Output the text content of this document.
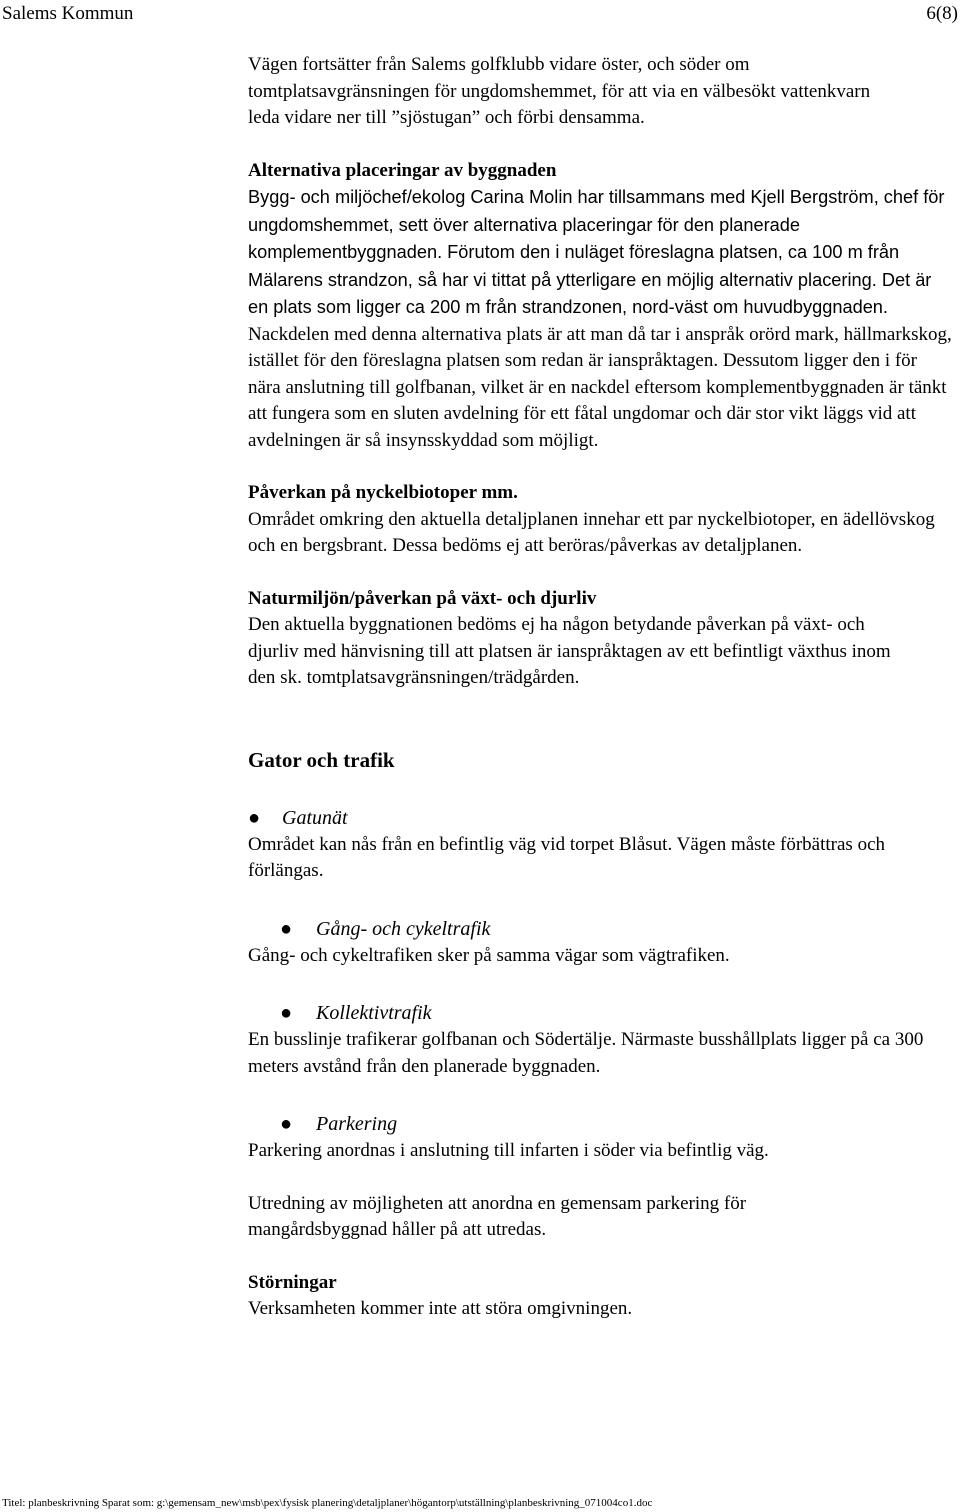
Salems Kommun	6(8)

Vägen fortsätter från Salems golfklubb vidare öster, och söder om tomtplatsavgränsningen för ungdomshemmet, för att via en välbesökt vattenkvarn leda vidare ner till ”sjöstugan” och förbi densamma.

Alternativa placeringar av byggnaden

Bygg- och miljöchef/ekolog Carina Molin har tillsammans med Kjell Bergström, chef för ungdomshemmet, sett över alternativa placeringar för den planerade komplementbyggnaden. Förutom den i nuläget föreslagna platsen, ca 100 m från Mälarens strandzon, så har vi tittat på ytterligare en möjlig alternativ placering. Det är en plats som ligger ca 200 m från strandzonen, nord-väst om huvudbyggnaden. Nackdelen med denna alternativa plats är att man då tar i anspråk orörd mark, hällmarkskog, istället för den föreslagna platsen som redan är ianspråktagen. Dessutom ligger den i för nära anslutning till golfbanan, vilket är en nackdel eftersom komplementbyggnaden är tänkt att fungera som en sluten avdelning för ett fåtal ungdomar och där stor vikt läggs vid att avdelningen är så insynsskyddad som möjligt.

Påverkan på nyckelbiotoper mm.

Området omkring den aktuella detaljplanen innehar ett par nyckelbiotoper, en ädellövskog och en bergsbrant. Dessa bedöms ej att beröras/påverkas av detaljplanen.

Naturmiljön/påverkan på växt- och djurliv

Den aktuella byggnationen bedöms ej ha någon betydande påverkan på växt- och djurliv med hänvisning till att platsen är ianspråktagen av ett befintligt växthus inom den sk. tomtplatsavgränsningen/trädgården.

Gator och trafik
● Gatunät

Området kan nås från en befintlig väg vid torpet Blåsut. Vägen måste förbättras och förlängas.

● Gång- och cykeltrafik

Gång- och cykeltrafiken sker på samma vägar som vägtrafiken.

● Kollektivtrafik

En busslinje trafikerar golfbanan och Södertälje. Närmaste busshållplats ligger på ca 300 meters avstånd från den planerade byggnaden.

● Parkering

Parkering anordnas i anslutning till infarten i söder via befintlig väg.

Utredning av möjligheten att anordna en gemensam parkering för mangårdsbyggnad håller på att utredas.

Störningar

Verksamheten kommer inte att störa omgivningen.

Titel: planbeskrivning Sparat som: g:\gemensam_new\msb\pex\fysisk planering\detaljplaner\högantorp\utställning\planbeskrivning_071004co1.doc
